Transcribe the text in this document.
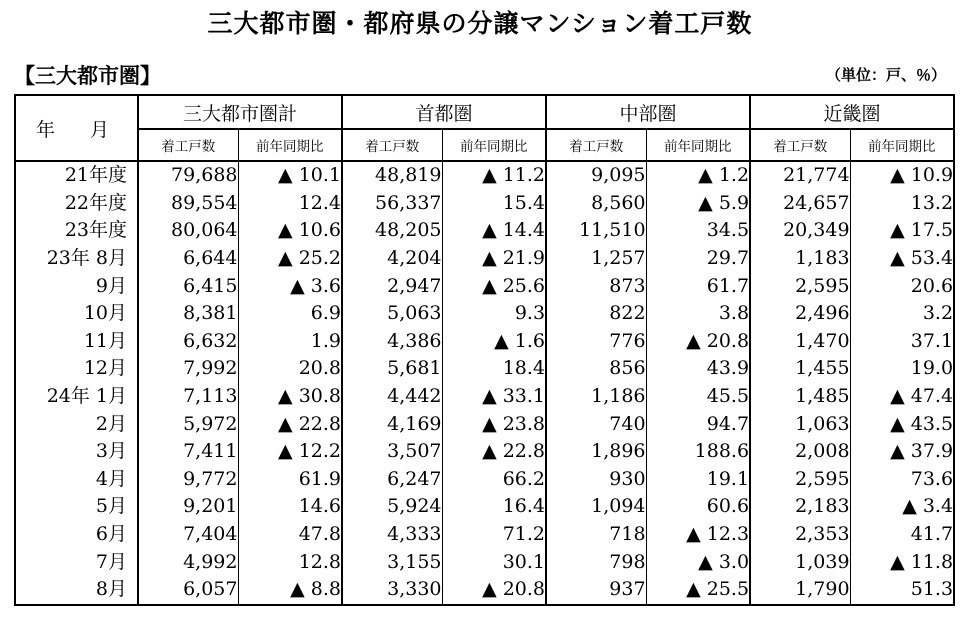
三大都市圏・都府県の分譲マンション着工戸数
【三大都市圏】	（単位：戸、％）
年　月	三大都市圏計		首都圏		中部圏		近畿圏	
	着工戸数	前年同期比	着工戸数	前年同期比	着工戸数	前年同期比	着工戸数	前年同期比
21年度	79,688	▲ 10.1	48,819	▲ 11.2	9,095	▲ 1.2	21,774	▲ 10.9
22年度	89,554	12.4	56,337	15.4	8,560	▲ 5.9	24,657	13.2
23年度	80,064	▲ 10.6	48,205	▲ 14.4	11,510	34.5	20,349	▲ 17.5
23年 8月	6,644	▲ 25.2	4,204	▲ 21.9	1,257	29.7	1,183	▲ 53.4
9月	6,415	▲ 3.6	2,947	▲ 25.6	873	61.7	2,595	20.6
10月	8,381	6.9	5,063	9.3	822	3.8	2,496	3.2
11月	6,632	1.9	4,386	▲ 1.6	776	▲ 20.8	1,470	37.1
12月	7,992	20.8	5,681	18.4	856	43.9	1,455	19.0
24年 1月	7,113	▲ 30.8	4,442	▲ 33.1	1,186	45.5	1,485	▲ 47.4
2月	5,972	▲ 22.8	4,169	▲ 23.8	740	94.7	1,063	▲ 43.5
3月	7,411	▲ 12.2	3,507	▲ 22.8	1,896	188.6	2,008	▲ 37.9
4月	9,772	61.9	6,247	66.2	930	19.1	2,595	73.6
5月	9,201	14.6	5,924	16.4	1,094	60.6	2,183	▲ 3.4
6月	7,404	47.8	4,333	71.2	718	▲ 12.3	2,353	41.7
7月	4,992	12.8	3,155	30.1	798	▲ 3.0	1,039	▲ 11.8
8月	6,057	▲ 8.8	3,330	▲ 20.8	937	▲ 25.5	1,790	51.3
